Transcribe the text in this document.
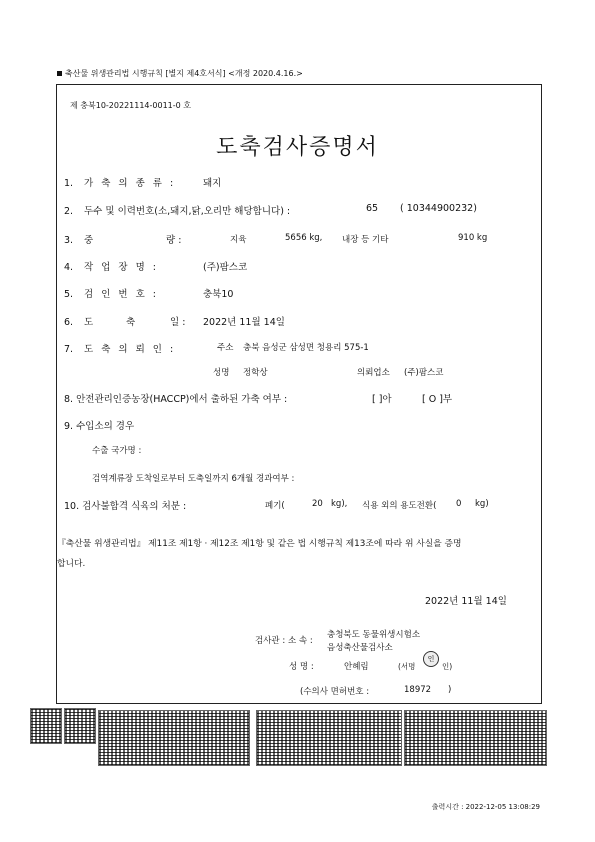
축산물 위생관리법 시행규칙 [별지 제4호서식] <개정 2020.4.16.>
제 충북10-20221114-0011-0 호
도축검사증명서
1. 가 축 의 종 류 :	돼지
2. 두수 및 이력번호(소,돼지,닭,오리만 해당합니다) :	65 ( 10344900232)
3. 중	량 :	지육	5656 kg, 내장 등 기타	910 kg
4. 작 업 장 명 :	(주)팜스코
5. 검 인 번 호 :	충북10
6. 도	축	일 : 2022년 11월 14일
7. 도 축 의 뢰 인 :	주소 충북 음성군 삼성면 청용리 575-1
성명 정학상	의뢰업소 (주)팜스코
8. 안전관리인증농장(HACCP)에서 출하된 가축 여부 :	[ ]아	[ O ]부
9. 수입소의 경우
수출 국가명 :
검역계류장 도착일로부터 도축일까지 6개월 경과여부 :
10. 검사불합격 식육의 처분 :	폐기(	20 kg), 식용 외의 용도전환( 0 kg)
『축산물 위생관리법』 제11조 제1항 · 제12조 제1항 및 같은 법 시행규칙 제13조에 따라 위 사실을 증명
합니다.
2022년 11월 14일
검사관 : 소 속 :
충청북도 동물위생시험소
음성축산물검사소
성 명 :	안혜림	(서명
인
인)
(수의사 면허번호 :	18972 )
출력시간 : 2022-12-05 13:08:29
